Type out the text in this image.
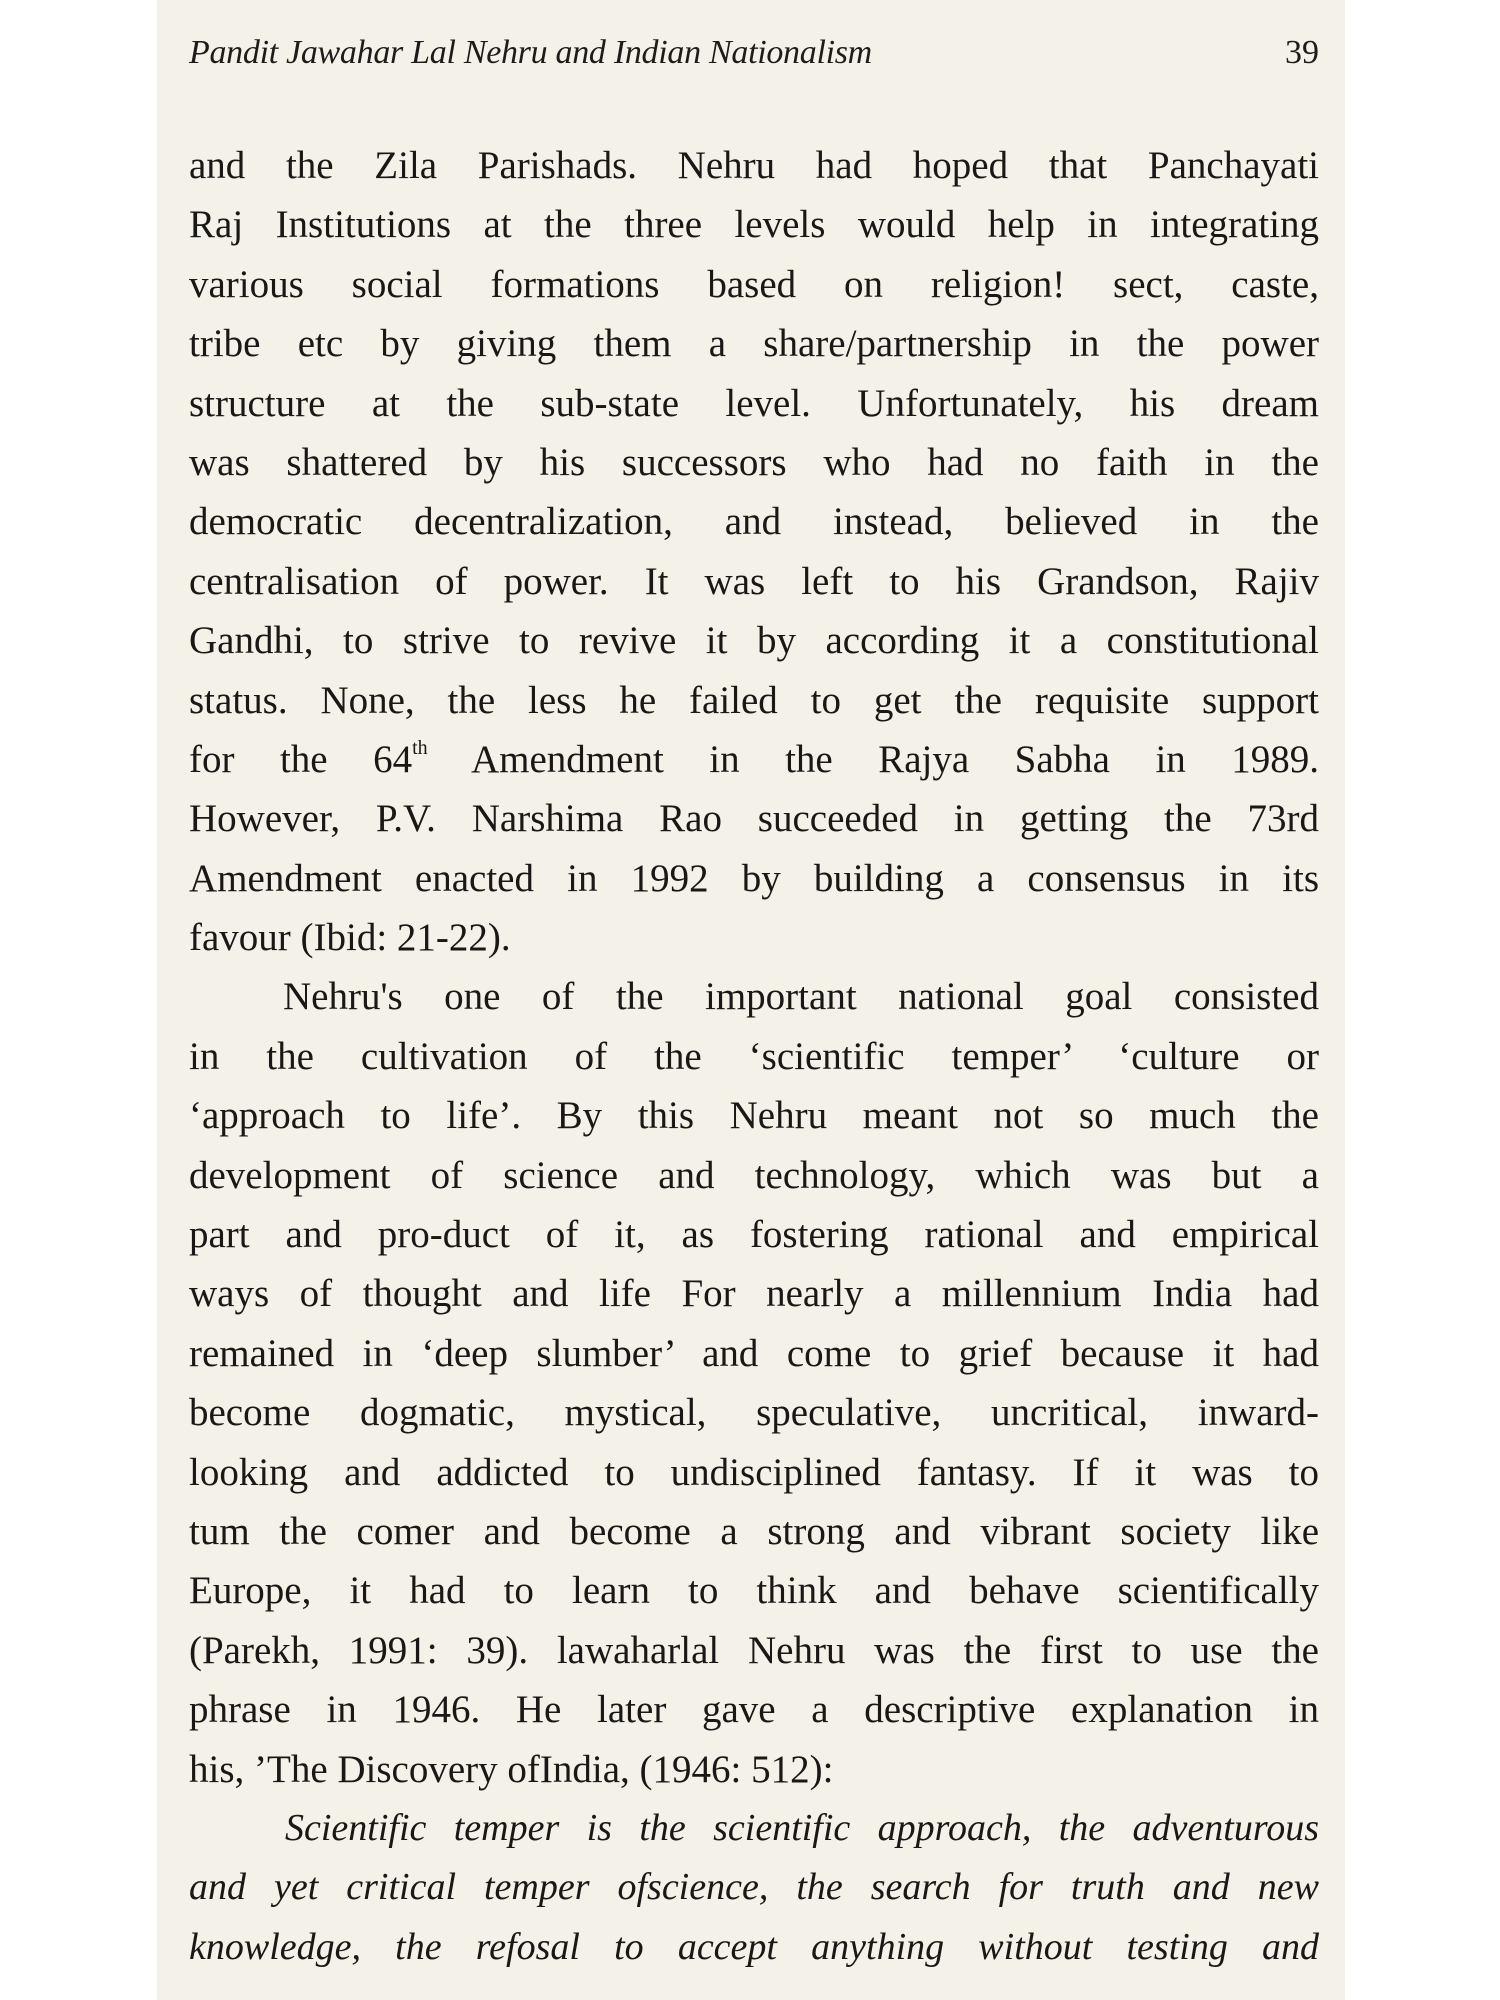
Pandit Jawahar Lal Nehru and Indian Nationalism	39
and the Zila Parishads. Nehru had hoped that Panchayati
Raj Institutions at the three levels would help in integrating
various social formations based on religion! sect, caste,
tribe etc by giving them a share/partnership in the power
structure at the sub-state level. Unfortunately, his dream
was shattered by his successors who had no faith in the
democratic decentralization, and instead, believed in the
centralisation of power. It was left to his Grandson, Rajiv
Gandhi, to strive to revive it by according it a constitutional
status. None, the less he failed to get the requisite support
for the 64th Amendment in the Rajya Sabha in 1989.
However, P.V. Narshima Rao succeeded in getting the 73rd
Amendment enacted in 1992 by building a consensus in its
favour (Ibid: 21-22).
Nehru's one of the important national goal consisted
in the cultivation of the ‘scientific temper’ ‘culture or
‘approach to life’. By this Nehru meant not so much the
development of science and technology, which was but a
part and pro-duct of it, as fostering rational and empirical
ways of thought and life For nearly a millennium India had
remained in ‘deep slumber’ and come to grief because it had
become dogmatic, mystical, speculative, uncritical, inward-
looking and addicted to undisciplined fantasy. If it was to
tum the comer and become a strong and vibrant society like
Europe, it had to learn to think and behave scientifically
(Parekh, 1991: 39). lawaharlal Nehru was the first to use the
phrase in 1946. He later gave a descriptive explanation in
his, ’The Discovery ofIndia, (1946: 512):
Scientific temper is the scientific approach, the adventurous
and yet critical temper ofscience, the search for truth and new
knowledge, the refosal to accept anything without testing and
